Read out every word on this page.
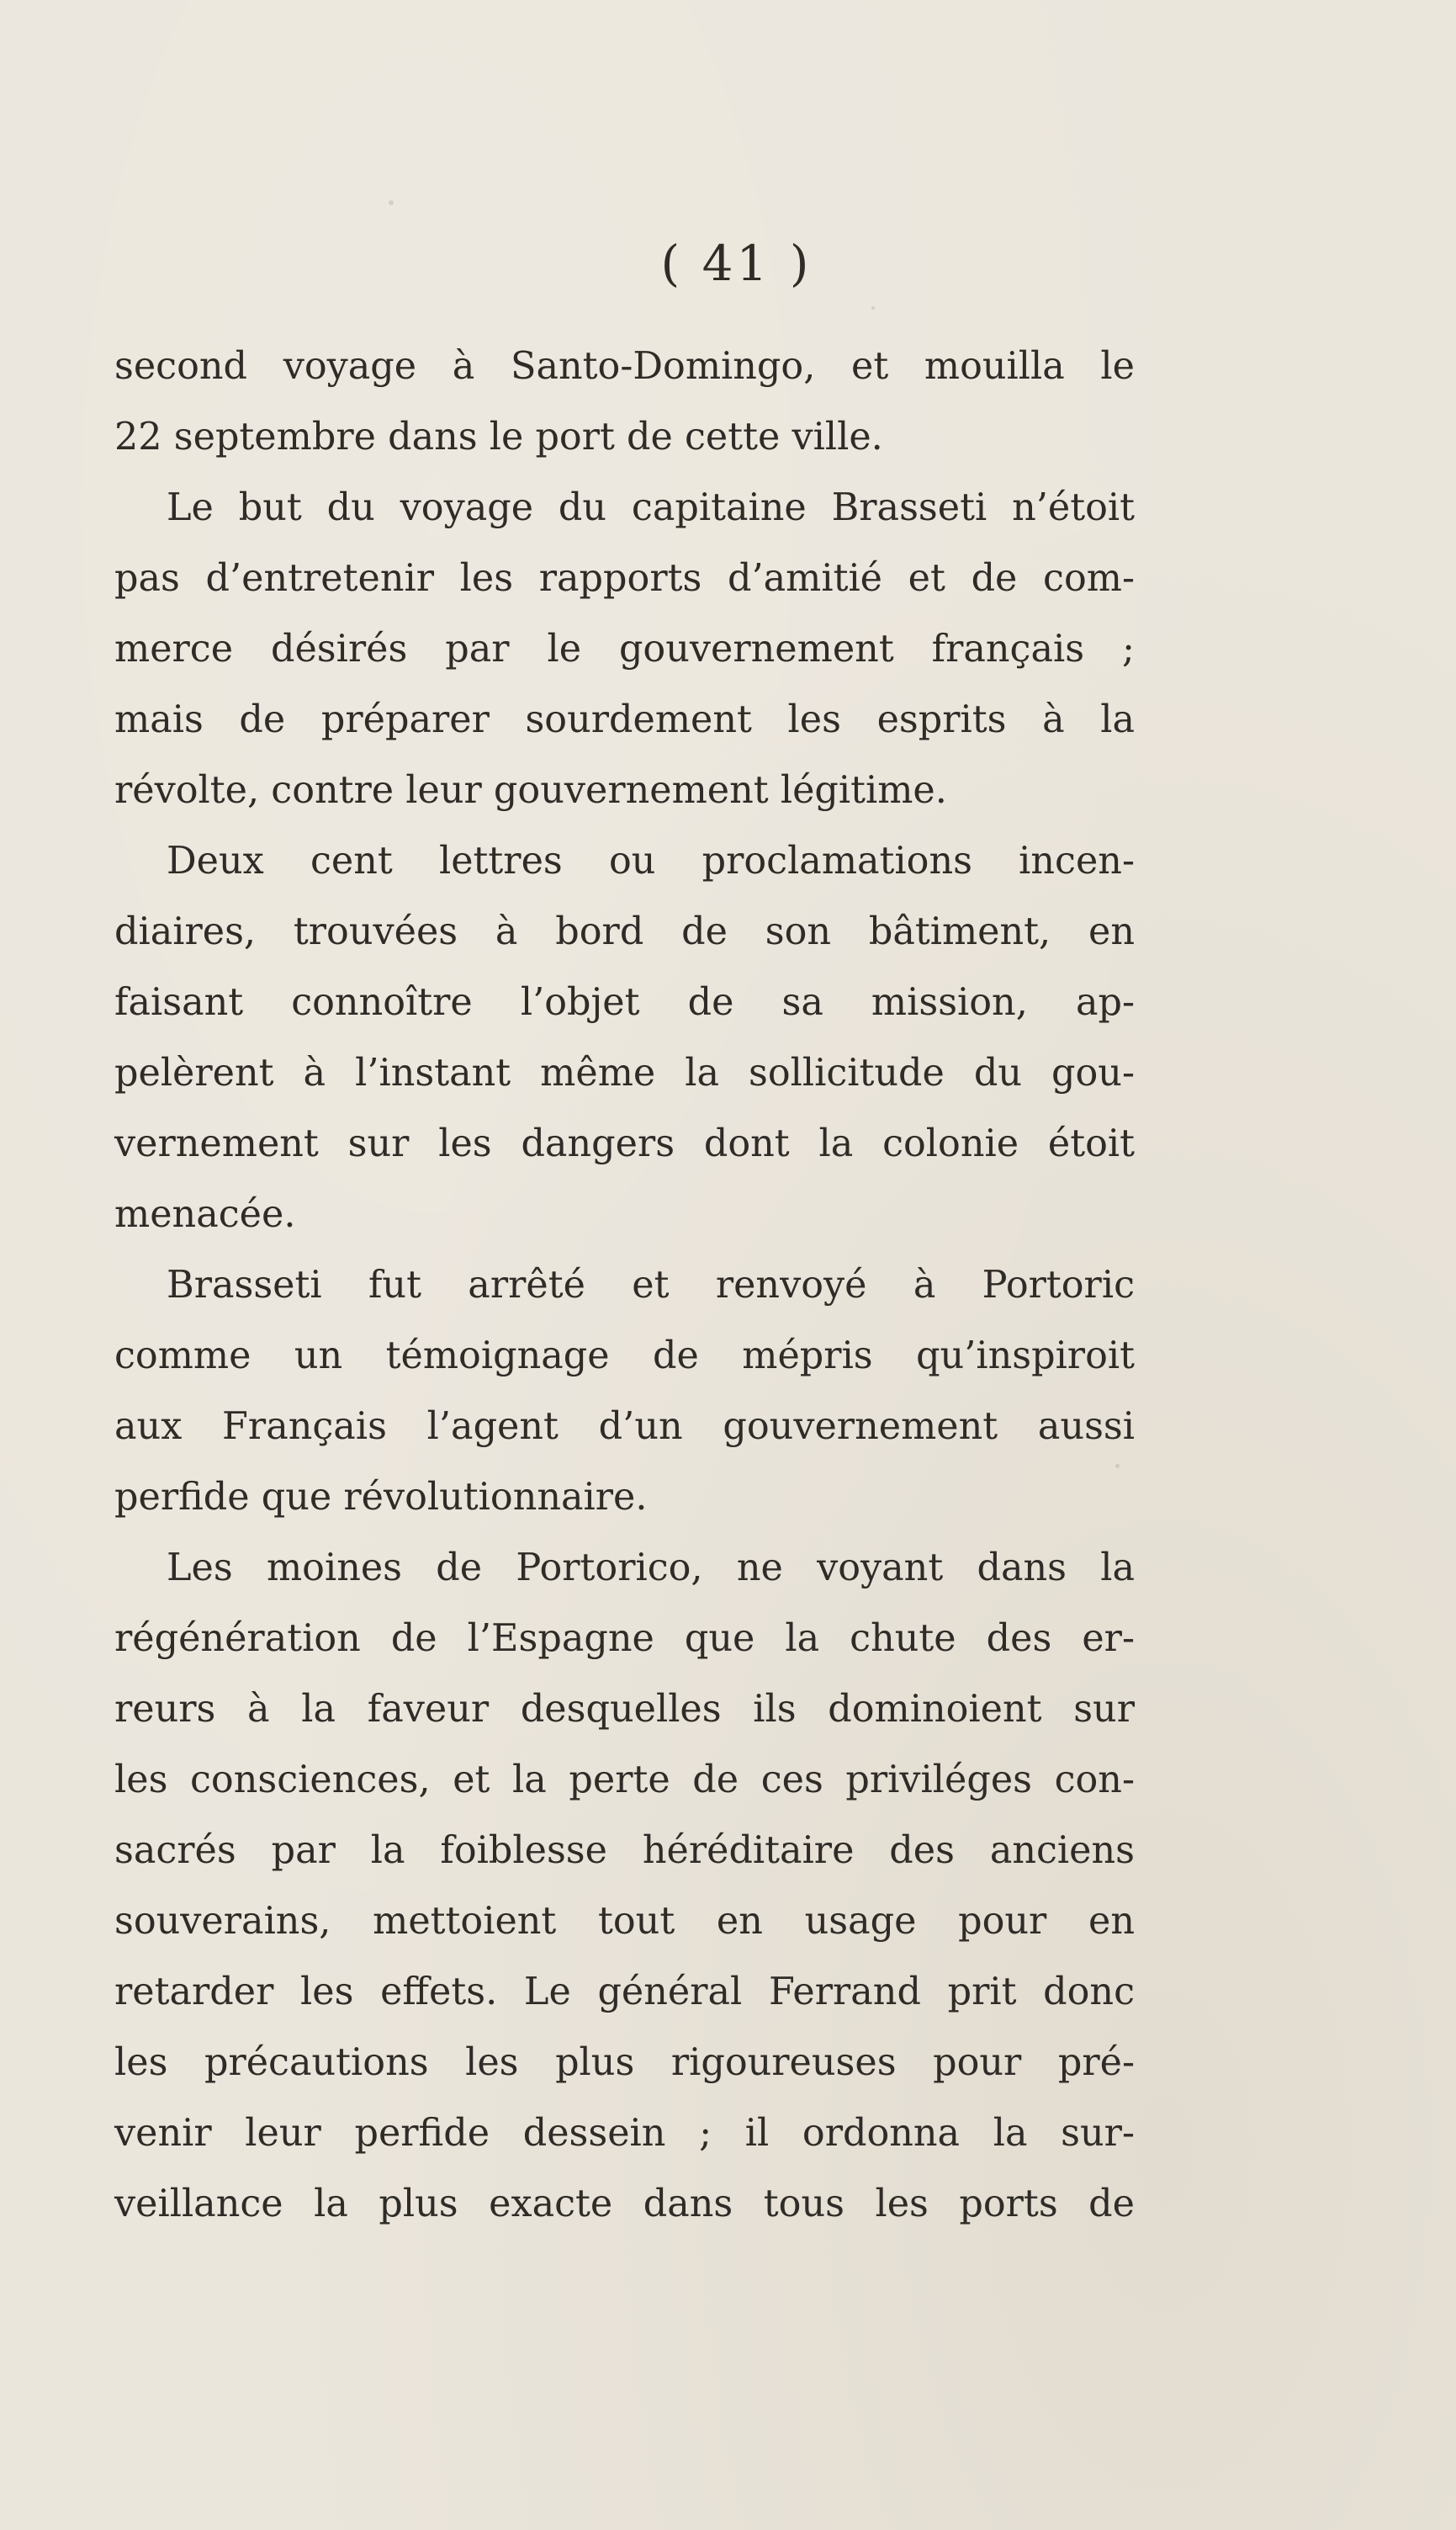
( 41 )
second voyage à Santo-Domingo, et mouilla le
22 septembre dans le port de cette ville.
Le but du voyage du capitaine Brasseti n’étoit
pas d’entretenir les rapports d’amitié et de com-
merce désirés par le gouvernement français ;
mais de préparer sourdement les esprits à la
révolte, contre leur gouvernement légitime.
Deux cent lettres ou proclamations incen-
diaires, trouvées à bord de son bâtiment, en
faisant connoître l’objet de sa mission, ap-
pelèrent à l’instant même la sollicitude du gou-
vernement sur les dangers dont la colonie étoit
menacée.
Brasseti fut arrêté et renvoyé à Portoric
comme un témoignage de mépris qu’inspiroit
aux Français l’agent d’un gouvernement aussi
perfide que révolutionnaire.
Les moines de Portorico, ne voyant dans la
régénération de l’Espagne que la chute des er-
reurs à la faveur desquelles ils dominoient sur
les consciences, et la perte de ces priviléges con-
sacrés par la foiblesse héréditaire des anciens
souverains, mettoient tout en usage pour en
retarder les effets. Le général Ferrand prit donc
les précautions les plus rigoureuses pour pré-
venir leur perfide dessein ; il ordonna la sur-
veillance la plus exacte dans tous les ports de
